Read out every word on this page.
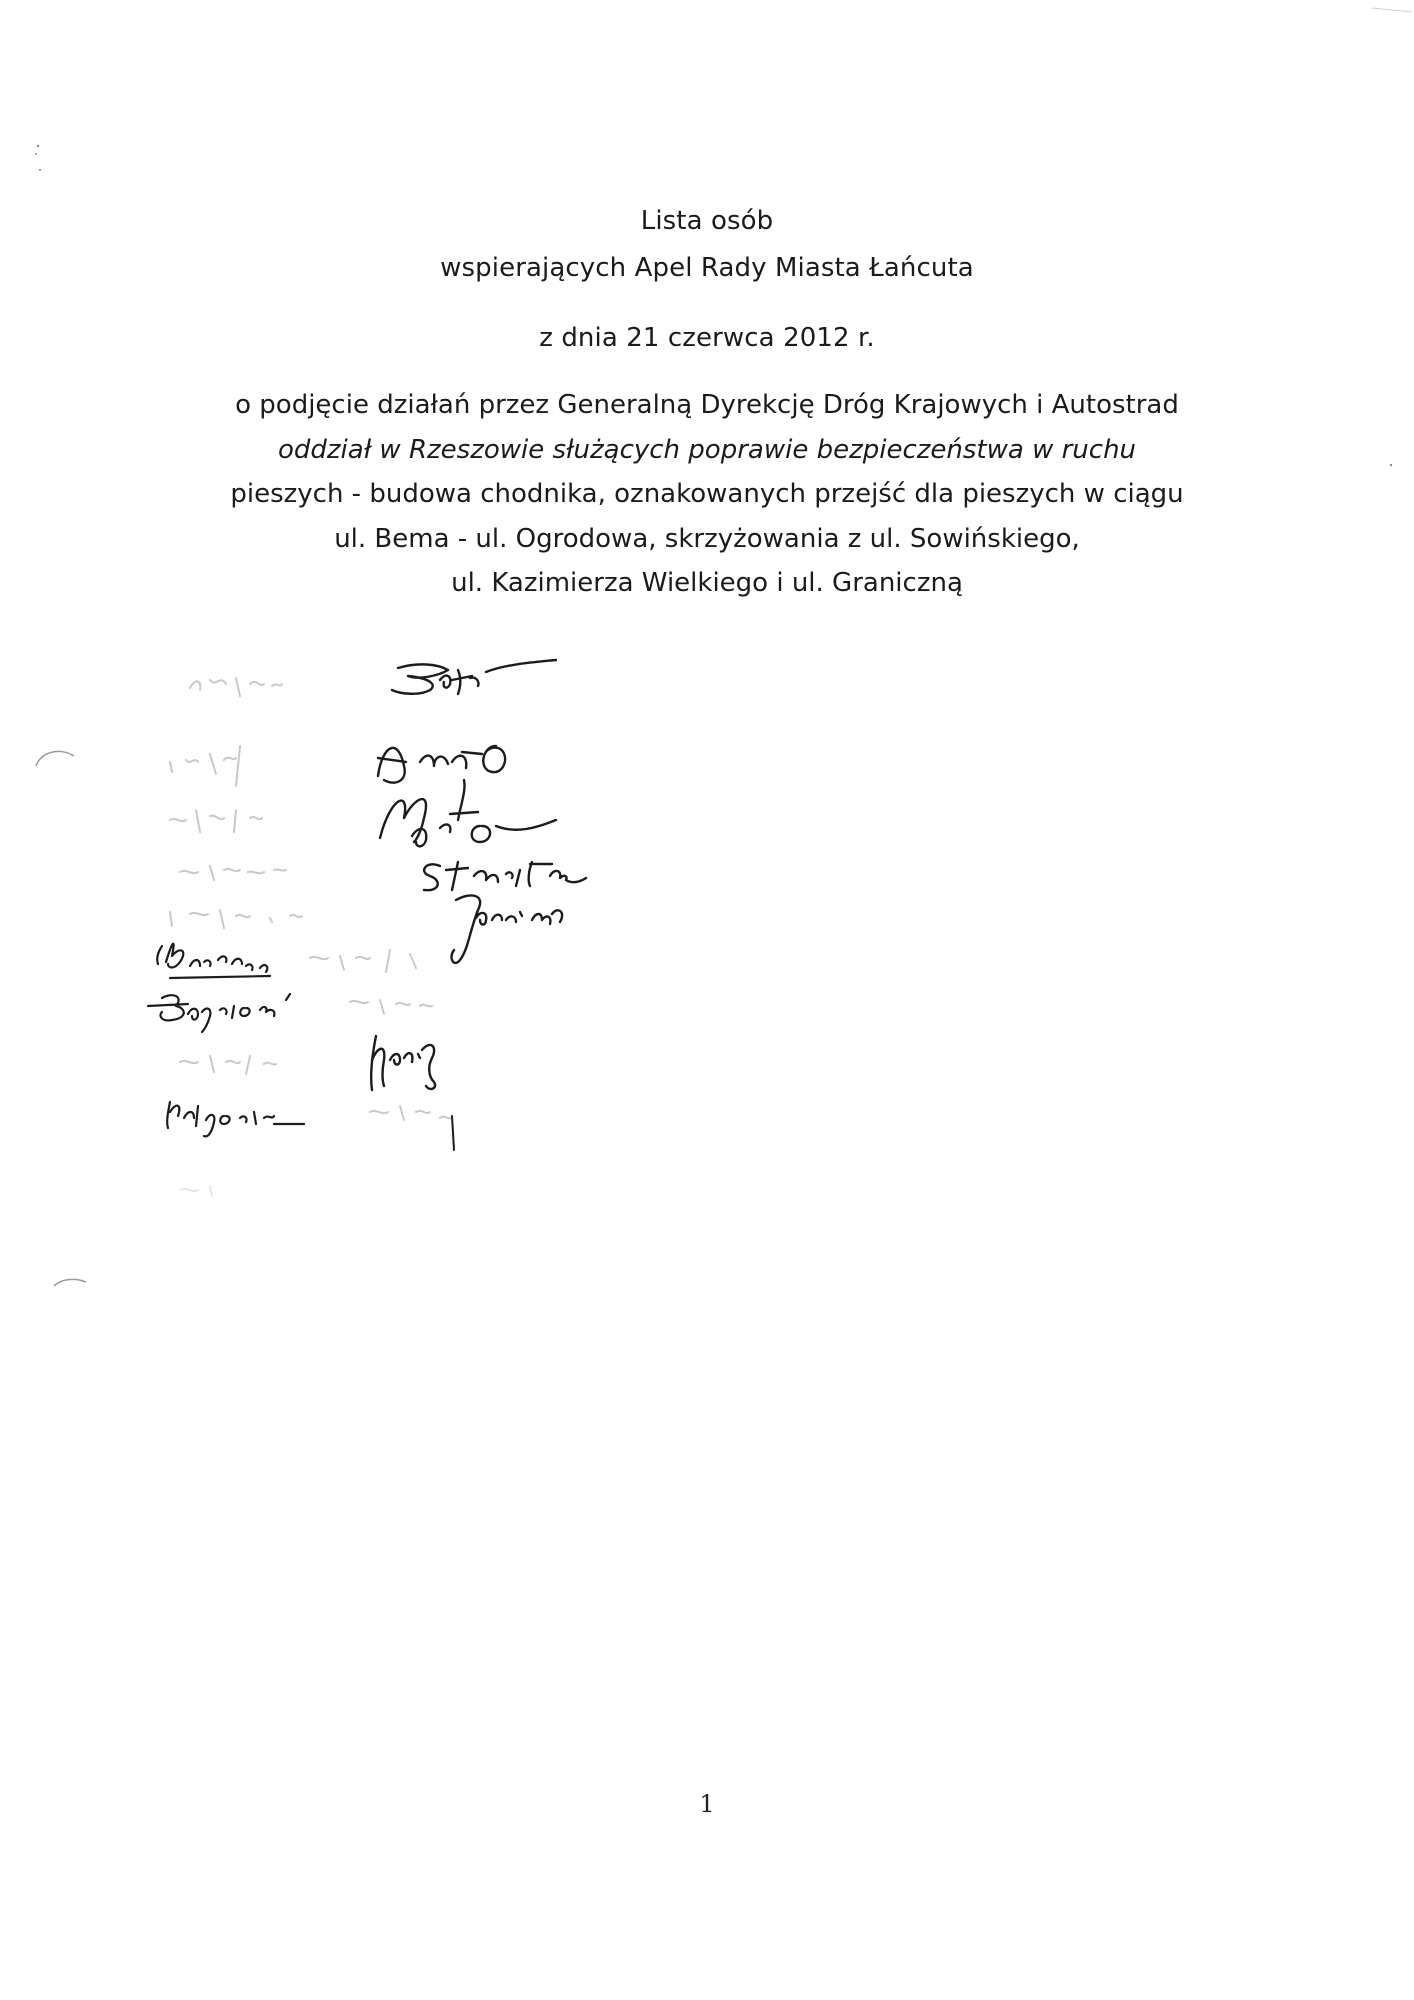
Lista osób
wspierających Apel Rady Miasta Łańcuta
z dnia 21 czerwca 2012 r.
o podjęcie działań przez Generalną Dyrekcję Dróg Krajowych i Autostrad
oddział w Rzeszowie służących poprawie bezpieczeństwa w ruchu
pieszych - budowa chodnika, oznakowanych przejść dla pieszych w ciągu
ul. Bema - ul. Ogrodowa, skrzyżowania z ul. Sowińskiego,
ul. Kazimierza Wielkiego i ul. Graniczną
1
